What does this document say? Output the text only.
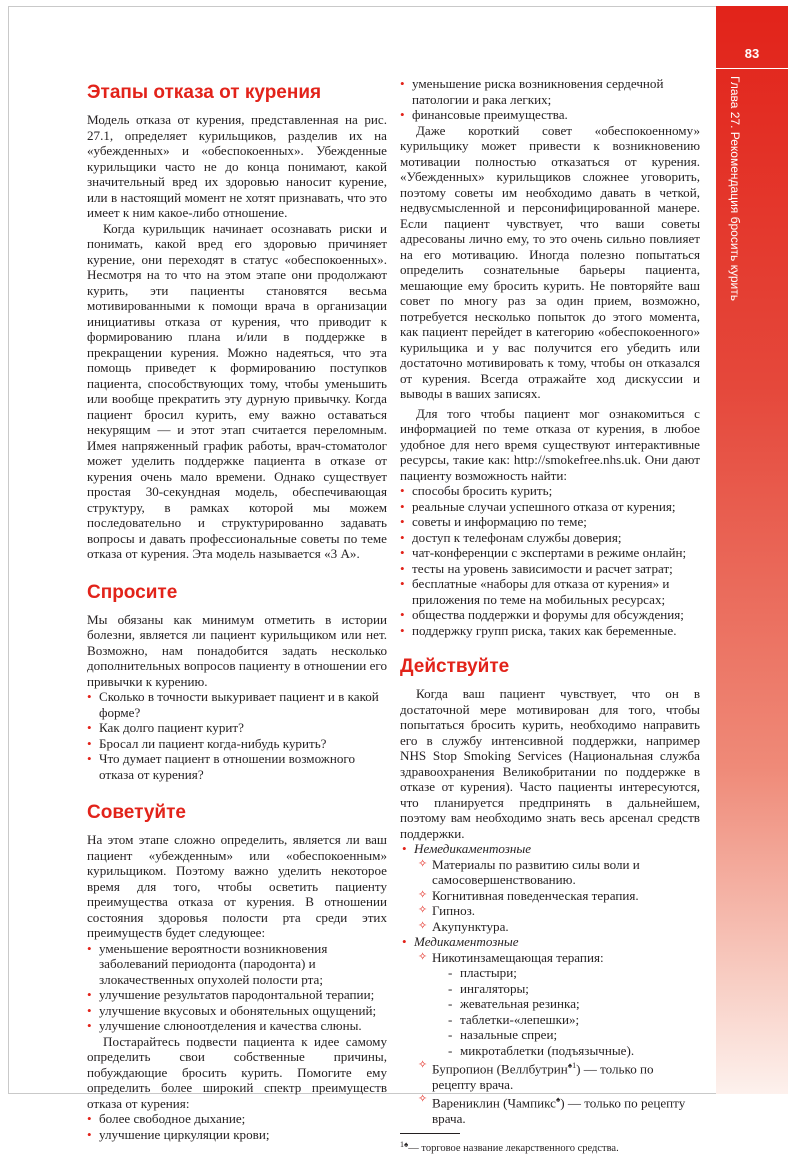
83
Глава 27. Рекомендация бросить курить
Этапы отказа от курения

Модель отказа от курения, представленная на рис. 27.1, определяет курильщиков, разделив их на «убежденных» и «обеспокоенных». Убежденные курильщики часто не до конца понимают, какой значительный вред их здоровью наносит курение, или в настоящий момент не хотят признавать, что это имеет к ним какое-либо отношение.

Когда курильщик начинает осознавать риски и понимать, какой вред его здоровью причиняет курение, они переходят в статус «обеспокоенных». Несмотря на то что на этом этапе они продолжают курить, эти пациенты становятся весьма мотивированными к помощи врача в организации инициативы отказа от курения, что приводит к формированию плана и/или в поддержке в прекращении курения. Можно надеяться, что эта помощь приведет к формированию поступков пациента, способствующих тому, чтобы уменьшить или вообще прекратить эту дурную привычку. Когда пациент бросил курить, ему важно оставаться некурящим — и этот этап считается переломным. Имея напряженный график работы, врач-стоматолог может уделить поддержке пациента в отказе от курения очень мало времени. Однако существует простая 30-секундная модель, обеспечивающая структуру, в рамках которой мы можем последовательно и структурированно задавать вопросы и давать профессиональные советы по теме отказа от курения. Эта модель называется «3 А».

Спросите

Мы обязаны как минимум отметить в истории болезни, является ли пациент курильщиком или нет. Возможно, нам понадобится задать несколько дополнительных вопросов пациенту в отношении его привычки к курению.

• Сколько в точности выкуривает пациент и в какой форме?
• Как долго пациент курит?
• Бросал ли пациент когда-нибудь курить?
• Что думает пациент в отношении возможного отказа от курения?
Советуйте

На этом этапе сложно определить, является ли ваш пациент «убежденным» или «обеспокоенным» курильщиком. Поэтому важно уделить некоторое время для того, чтобы осветить пациенту преимущества отказа от курения. В отношении состояния здоровья полости рта среди этих преимуществ будет следующее:

• уменьшение вероятности возникновения заболеваний периодонта (пародонта) и злокачественных опухолей полости рта;
• улучшение результатов пародонтальной терапии;
• улучшение вкусовых и обонятельных ощущений;
• улучшение слюноотделения и качества слюны.

Постарайтесь подвести пациента к идее самому определить свои собственные причины, побуждающие бросить курить. Помогите ему определить более широкий спектр преимуществ отказа от курения:

• более свободное дыхание;
• улучшение циркуляции крови;
• уменьшение риска возникновения сердечной патологии и рака легких;
• финансовые преимущества.

Даже короткий совет «обеспокоенному» курильщику может привести к возникновению мотивации полностью отказаться от курения. «Убежденных» курильщиков сложнее уговорить, поэтому советы им необходимо давать в четкой, недвусмысленной и персонифицированной манере. Если пациент чувствует, что ваши советы адресованы лично ему, то это очень сильно повлияет на его мотивацию. Иногда полезно попытаться определить сознательные барьеры пациента, мешающие ему бросить курить. Не повторяйте ваш совет по многу раз за один прием, возможно, потребуется несколько попыток до этого момента, как пациент перейдет в категорию «обеспокоенного» курильщика и у вас получится его убедить или достаточно мотивировать к тому, чтобы он отказался от курения. Всегда отражайте ход дискуссии и выводы в ваших записях.

Для того чтобы пациент мог ознакомиться с информацией по теме отказа от курения, в любое удобное для него время существуют интерактивные ресурсы, такие как: http://smokefree.nhs.uk. Они дают пациенту возможность найти:

• способы бросить курить;
• реальные случаи успешного отказа от курения;
• советы и информацию по теме;
• доступ к телефонам службы доверия;
• чат-конференции с экспертами в режиме онлайн;
• тесты на уровень зависимости и расчет затрат;
• бесплатные «наборы для отказа от курения» и приложения по теме на мобильных ресурсах;
• общества поддержки и форумы для обсуждения;
• поддержку групп риска, таких как беременные.
Действуйте

Когда ваш пациент чувствует, что он в достаточной мере мотивирован для того, чтобы попытаться бросить курить, необходимо направить его в службу интенсивной поддержки, например NHS Stop Smoking Services (Национальная служба здравоохранения Великобритании по поддержке в отказе от курения). Часто пациенты интересуются, что планируется предпринять в дальнейшем, поэтому вам необходимо знать весь арсенал средств поддержки.

• Немедикаментозные
✧ Материалы по развитию силы воли и самосовершенствованию.
✧ Когнитивная поведенческая терапия.
✧ Гипноз.
✧ Акупунктура.
• Медикаментозные
✧ Никотинзамещающая терапия:
- пластыри;
- ингаляторы;
- жевательная резинка;
- таблетки-«лепешки»;
- назальные спреи;
- микротаблетки (подъязычные).
✧ Бупропион (Веллбутрин$^{♠1}$) — только по рецепту врача.
✧ Варениклин (Чампикс♠) — только по рецепту врача.
$^{1♠}$— торговое название лекарственного средства.
